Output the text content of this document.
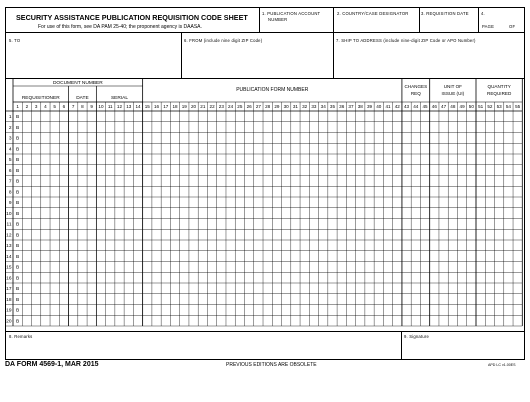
SECURITY ASSISTANCE PUBLICATION REQUISITION CODE SHEET
For use of this form, see DA PAM 25-40; the proponent agency is DAASA.
1. PUBLICATION ACCOUNT
NUMBER
2. COUNTRY/CASE DESIGNATOR	3. REQUISITION DATE	4.
PAGE	OF
5. TO	6. FROM (include nine digit ZIP Code)	7. SHIP TO ADDRESS (include nine-digit ZIP Code or APO Number)
8. Remarks	9. Signature
DOCUMENT NUMBER
REQUISITIONER	DATE	SERIAL
PUBLICATION FORM NUMBER
CHANGES
REQ
UNIT OF
ISSUE (UI)
QUANTITY
REQUIRED
1 2 3 4 5 6 7 8 9 10 11 12 13 14 15 16 17 18 19 20 21 22 23 24 25 26 27 28 29 30 31 32 33 34 35 36 37 38 39 40 41 42 43 44 45 46 47 48 49 50 51 52 53 54 55
1 B
2 B
3 B
4 B
5 B
6 B
7 B
8 B
9 B
10 B
11 B
12 B
13 B
14 B
15 B
16 B
17 B
18 B
19 B
20 B
DA FORM 4569-1, MAR 2015	PREVIOUS EDITIONS ARE OBSOLETE	APD LC v1.00ES
